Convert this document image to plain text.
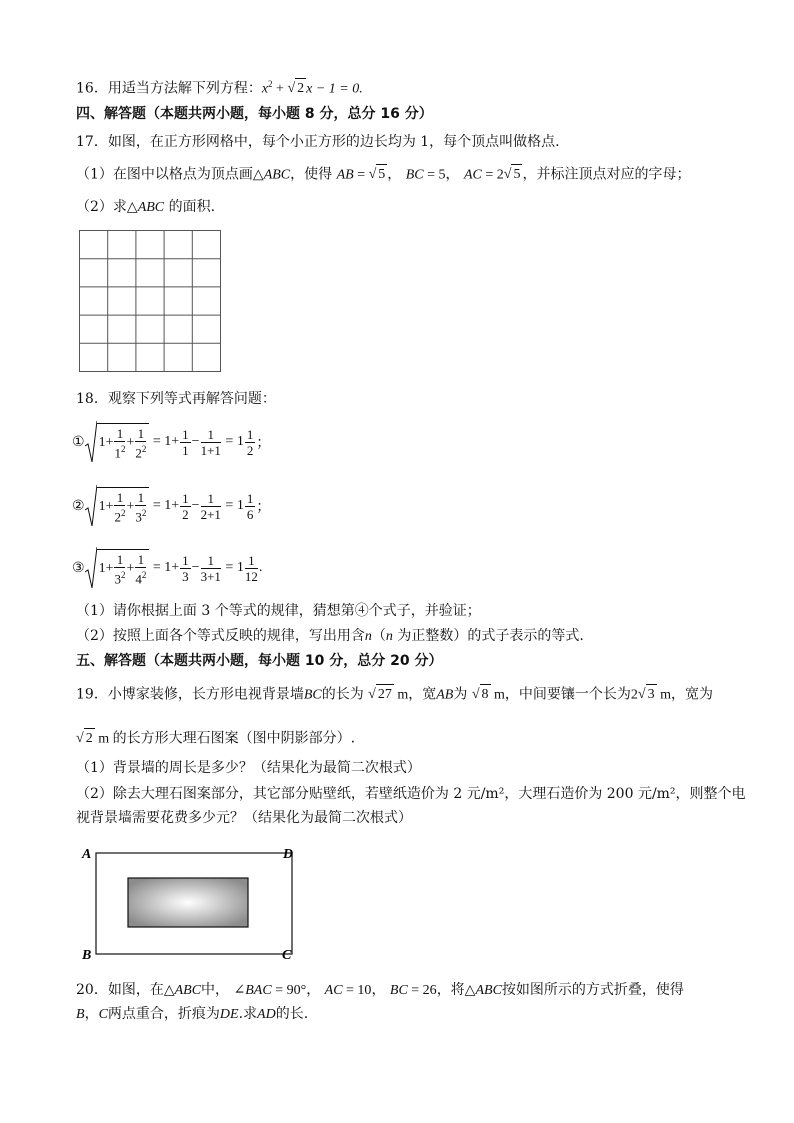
16．用适当方法解下列方程：$x^2$ + √ 2 x − 1 = 0.
四、解答题（本题共两小题，每小题 8 分，总分 16 分）
17．如图，在正方形网格中，每个小正方形的边长均为 1，每个顶点叫做格点.
（1）在图中以格点为顶点画△ABC，使得 AB = √ 5 ， BC = 5， AC = 2√ 5 ，并标注顶点对应的字母；
（2）求△ABC 的面积.
18．观察下列等式再解答问题：
① $1+ \frac{1}{1^2} + \frac{1}{2^2} = 1+ \frac{1}{1} - \frac{1}{1+1} = 1 \frac{1}{2}$ ；
② $1+ \frac{1}{2^2} + \frac{1}{3^2} = 1+ \frac{1}{2} - \frac{1}{2+1} = 1 \frac{1}{6}$ ；
③ $1+ \frac{1}{3^2} + \frac{1}{4^2} = 1+ \frac{1}{3} - \frac{1}{3+1} = 1 \frac{1}{12}$ .
（1）请你根据上面 3 个等式的规律，猜想第④个式子，并验证；
（2）按照上面各个等式反映的规律，写出用含n（n 为正整数）的式子表示的等式.
五、解答题（本题共两小题，每小题 10 分，总分 20 分）
19．小博家装修，长方形电视背景墙BC的长为 √ 27 m，宽AB为 √ 8 m，中间要镶一个长为2√ 3 m，宽为
√ 2 m 的长方形大理石图案（图中阴影部分）.
（1）背景墙的周长是多少？（结果化为最简二次根式）
（2）除去大理石图案部分，其它部分贴壁纸，若壁纸造价为 2 元/m²，大理石造价为 200 元/m²，则整个电
视背景墙需要花费多少元？（结果化为最简二次根式）
A	D
B	C
20．如图，在△ABC中， ∠BAC = 90°， AC = 10， BC = 26，将△ABC按如图所示的方式折叠，使得
B，C两点重合，折痕为DE.求AD的长.
